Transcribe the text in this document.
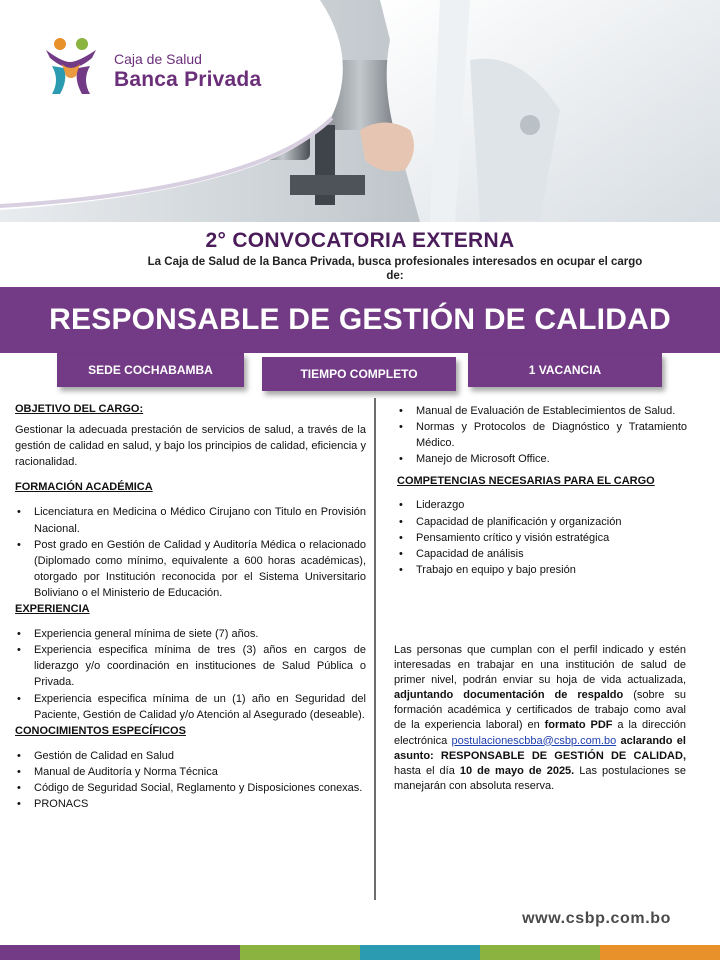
Caja de Salud
Banca Privada
2° CONVOCATORIA EXTERNA
La Caja de Salud de la Banca Privada, busca profesionales interesados en ocupar el cargo de:
RESPONSABLE DE GESTIÓN DE CALIDAD
SEDE COCHABAMBA	TIEMPO COMPLETO	1 VACANCIA
OBJETIVO DEL CARGO:
Gestionar la adecuada prestación de servicios de salud, a través de la gestión de calidad en salud, y bajo los principios de calidad, eficiencia y racionalidad.
FORMACIÓN ACADÉMICA
• Licenciatura en Medicina o Médico Cirujano con Titulo en Provisión Nacional.
• Post grado en Gestión de Calidad y Auditoría Médica o relacionado (Diplomado como mínimo, equivalente a 600 horas académicas), otorgado por Institución reconocida por el Sistema Universitario Boliviano o el Ministerio de Educación.
EXPERIENCIA
• Experiencia general mínima de siete (7) años.
• Experiencia especifica mínima de tres (3) años en cargos de liderazgo y/o coordinación en instituciones de Salud Pública o Privada.
• Experiencia especifica mínima de un (1) año en Seguridad del Paciente, Gestión de Calidad y/o Atención al Asegurado (deseable).
CONOCIMIENTOS ESPECÍFICOS
• Gestión de Calidad en Salud
• Manual de Auditoría y Norma Técnica
• Código de Seguridad Social, Reglamento y Disposiciones conexas.
• PRONACS
• Manual de Evaluación de Establecimientos de Salud.
• Normas y Protocolos de Diagnóstico y Tratamiento Médico.
• Manejo de Microsoft Office.
COMPETENCIAS NECESARIAS PARA EL CARGO
• Liderazgo
• Capacidad de planificación y organización
• Pensamiento crítico y visión estratégica
• Capacidad de análisis
• Trabajo en equipo y bajo presión
Las personas que cumplan con el perfil indicado y estén interesadas en trabajar en una institución de salud de primer nivel, podrán enviar su hoja de vida actualizada, adjuntando documentación de respaldo (sobre su formación académica y certificados de trabajo como aval de la experiencia laboral) en formato PDF a la dirección electrónica postulacionescbba@csbp.com.bo aclarando el asunto: RESPONSABLE DE GESTIÓN DE CALIDAD, hasta el día 10 de mayo de 2025. Las postulaciones se manejarán con absoluta reserva.
www.csbp.com.bo
